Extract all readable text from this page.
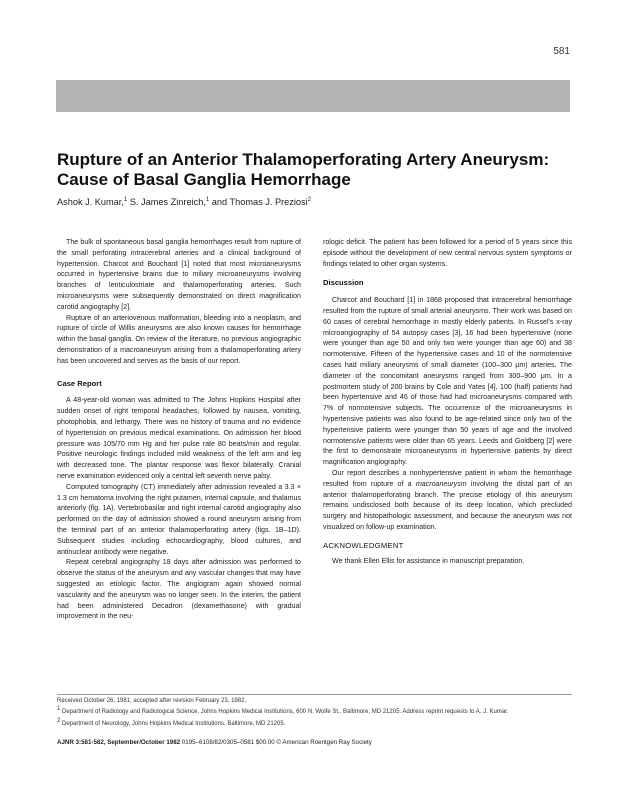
581
Rupture of an Anterior Thalamoperforating Artery Aneurysm: Cause of Basal Ganglia Hemorrhage
Ashok J. Kumar,$^1$ S. James Zinreich,$^1$ and Thomas J. Preziosi$^2$

The bulk of spontaneous basal ganglia hemorrhages result from rupture of the small perforating intracerebral arteries and a clinical background of hypertension. Charcot and Bouchard [1] noted that most microaneurysms occurred in hypertensive brains due to miliary microaneurysms involving branches of lenticulostriate and thalamoperforating arteries. Such microaneurysms were subsequently demonstrated on direct magnification carotid angiography [2].

Rupture of an arteriovenous malformation, bleeding into a neoplasm, and rupture of circle of Willis aneurysms are also known causes for hemorrhage within the basal ganglia. On review of the literature, no previous angiographic demonstration of a macroaneurysm arising from a thalamoperforating artery has been uncovered and serves as the basis of our report.

Case Report

A 48-year-old woman was admitted to The Johns Hopkins Hospital after sudden onset of right temporal headaches, followed by nausea, vomiting, photophobia, and lethargy. There was no history of trauma and no evidence of hypertension on previous medical examinations. On admission her blood pressure was 105/70 mm Hg and her pulse rate 80 beats/min and regular. Positive neurologic findings included mild weakness of the left arm and leg with decreased tone. The plantar response was flexor bilaterally. Cranial nerve examination evidenced only a central left seventh nerve palsy.

Computed tomography (CT) immediately after admission revealed a 3.3 × 1.3 cm hematoma involving the right putamen, internal capsule, and thalamus anteriorly (fig. 1A). Vertebrobasilar and right internal carotid angiography also performed on the day of admission showed a round aneurysm arising from the terminal part of an anterior thalamoperforating artery (figs. 1B–1D). Subsequent studies including echocardiography, blood cultures, and antinuclear antibody were negative.

Repeat cerebral angiography 18 days after admission was performed to observe the status of the aneurysm and any vascular changes that may have suggested an etiologic factor. The angiogram again showed normal vascularity and the aneurysm was no longer seen. In the interim, the patient had been administered Decadron (dexamethasone) with gradual improvement in the neu-

rologic deficit. The patient has been followed for a period of 5 years since this episode without the development of new central nervous system symptoms or findings related to other organ systems.

Discussion

Charcot and Bouchard [1] in 1868 proposed that intracerebral hemorrhage resulted from the rupture of small arterial aneurysms. Their work was based on 60 cases of cerebral hemorrhage in mostly elderly patients. In Russel's x-ray microangiography of 54 autopsy cases [3], 16 had been hypertensive (none were younger than age 50 and only two were younger than age 60) and 38 normotensive. Fifteen of the hypertensive cases and 10 of the normotensive cases had miliary aneurysms of small diameter (100–300 μm) arteries. The diameter of the concomitant aneurysms ranged from 300–900 μm. In a postmortem study of 200 brains by Cole and Yates [4], 100 (half) patients had been hypertensive and 46 of those had had microaneurysms compared with 7% of normotensive subjects. The occurrence of the microaneurysms in hypertensive patients was also found to be age-related since only two of the hypertensive patients were younger than 50 years of age and the involved normotensive patients were older than 65 years. Leeds and Goldberg [2] were the first to demonstrate microaneurysms in hypertensive patients by direct magnification angiography.

Our report describes a nonhypertensive patient in whom the hemorrhage resulted from rupture of a macroaneurysm involving the distal part of an anterior thalamoperforating branch. The precise etiology of this aneurysm remains undisclosed both because of its deep location, which precluded surgery and histopathologic assessment, and because the aneurysm was not visualized on follow-up examination.

ACKNOWLEDGMENT

We thank Ellen Ellis for assistance in manuscript preparation.

Received October 26, 1981; accepted after revision February 23, 1982.
$^1$ Department of Radiology and Radiological Science, Johns Hopkins Medical Institutions, 600 N. Wolfe St., Baltimore, MD 21205. Address reprint requests to A. J. Kumar.
$^2$ Department of Neurology, Johns Hopkins Medical Institutions, Baltimore, MD 21205.
AJNR 3:581-582, September/October 1982 0195–6108/82/0305–0581 $00.00 © American Roentgen Ray Society
